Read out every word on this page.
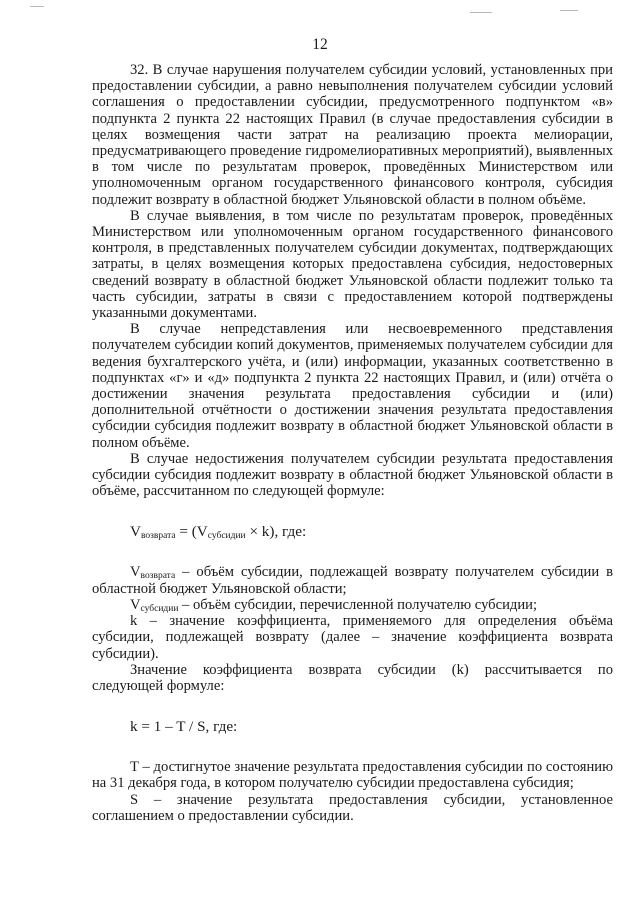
12

32. В случае нарушения получателем субсидии условий, установленных при предоставлении субсидии, а равно невыполнения получателем субсидии условий соглашения о предоставлении субсидии, предусмотренного подпунктом «в» подпункта 2 пункта 22 настоящих Правил (в случае предоставления субсидии в целях возмещения части затрат на реализацию проекта мелиорации, предусматривающего проведение гидромелиоративных мероприятий), выявленных в том числе по результатам проверок, проведённых Министерством или уполномоченным органом государственного финансового контроля, субсидия подлежит возврату в областной бюджет Ульяновской области в полном объёме.

В случае выявления, в том числе по результатам проверок, проведённых Министерством или уполномоченным органом государственного финансового контроля, в представленных получателем субсидии документах, подтверждающих затраты, в целях возмещения которых предоставлена субсидия, недостоверных сведений возврату в областной бюджет Ульяновской области подлежит только та часть субсидии, затраты в связи с предоставлением которой подтверждены указанными документами.

В случае непредставления или несвоевременного представления получателем субсидии копий документов, применяемых получателем субсидии для ведения бухгалтерского учёта, и (или) информации, указанных соответственно в подпунктах «г» и «д» подпункта 2 пункта 22 настоящих Правил, и (или) отчёта о достижении значения результата предоставления субсидии и (или) дополнительной отчётности о достижении значения результата предоставления субсидии субсидия подлежит возврату в областной бюджет Ульяновской области в полном объёме.

В случае недостижения получателем субсидии результата предоставления субсидии субсидия подлежит возврату в областной бюджет Ульяновской области в объёме, рассчитанном по следующей формуле:

$V_{возврата} = (V_{субсидии} \times k)$, где:

$V_{возврата}$ – объём субсидии, подлежащей возврату получателем субсидии в областной бюджет Ульяновской области;

$V_{субсидии}$ – объём субсидии, перечисленной получателю субсидии;

k – значение коэффициента, применяемого для определения объёма субсидии, подлежащей возврату (далее – значение коэффициента возврата субсидии).

Значение коэффициента возврата субсидии (k) рассчитывается по следующей формуле:

k = 1 – T / S, где:

T – достигнутое значение результата предоставления субсидии по состоянию на 31 декабря года, в котором получателю субсидии предоставлена субсидия;

S – значение результата предоставления субсидии, установленное соглашением о предоставлении субсидии.
